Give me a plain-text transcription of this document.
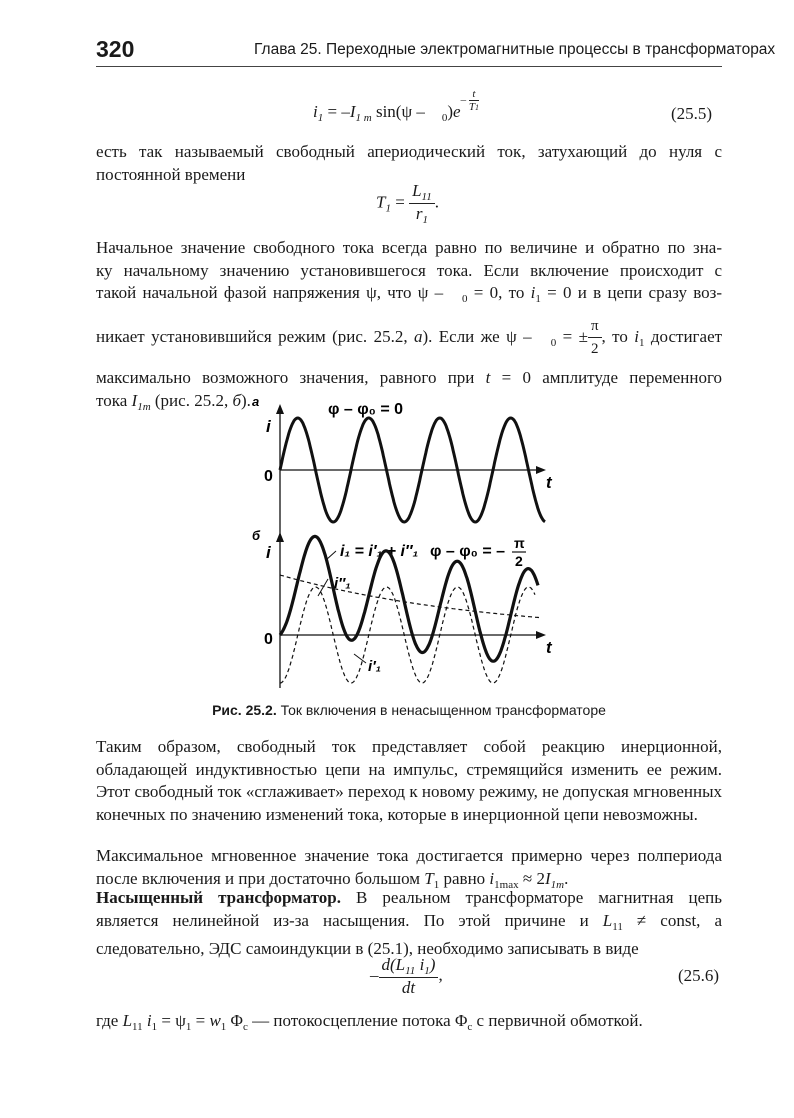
320	Глава 25. Переходные электромагнитные процессы в трансформаторах
$i_1 = -I_{1 m}$ $\sin(\psi - _0)e^{- \frac{t}{T1}}$
(25.5)

есть так называемый свободный апериодический ток, затухающий до нуля с постоянной времени

$T_1 = \frac{L_{11}}{r_1}$ .

Начальное значение свободного тока всегда равно по величине и обратно по зна-

ку начальному значению установившегося тока. Если включение происходит с

такой начальной фазой напряжения ψ, что ψ – $_0$ = 0, то $i_1 = 0$ и в цепи сразу воз-

никает установившийся режим (рис. 25.2, а). Если же ψ – $_0$ = ± $\frac{\pi}{2}$ , то $i_1$ достигает

максимально возможного значения, равного при t = 0 амплитуде переменного

тока $I_{1m}$ (рис. 25.2, б). а	φ – φ₀ = 0
i
0	t
б
i	i₁ = i′₁ + i″₁ φ – φ₀ = – π
2
0	t
i″₁
i′₁
Рис. 25.2. Ток включения в ненасыщенном трансформаторе

Таким образом, свободный ток представляет собой реакцию инерционной, обладающей индуктивностью цепи на импульс, стремящийся изменить ее режим. Этот свободный ток «сглаживает» переход к новому режиму, не допуская мгновенных конечных по значению изменений тока, которые в инерционной цепи невозможны.

Максимальное мгновенное значение тока достигается примерно через полпериода после включения и при достаточно большом $T_1$ равно $i_{1max} \approx 2I_{1m}$.

Насыщенный трансформатор. В реальном трансформаторе магнитная цепь является нелинейной из-за насыщения. По этой причине и $L_{11}$ ≠ const, а следовательно, ЭДС самоиндукции в (25.1), необходимо записывать в виде

– $\frac{d(L_{11} i_1)}{dt}$ ,	(25.6)

где $L_{11}$ $i_1 = \psi_1 = w_1$ $\Phi_с$ — потокосцепление потока $\Phi_с$ с первичной обмоткой.
